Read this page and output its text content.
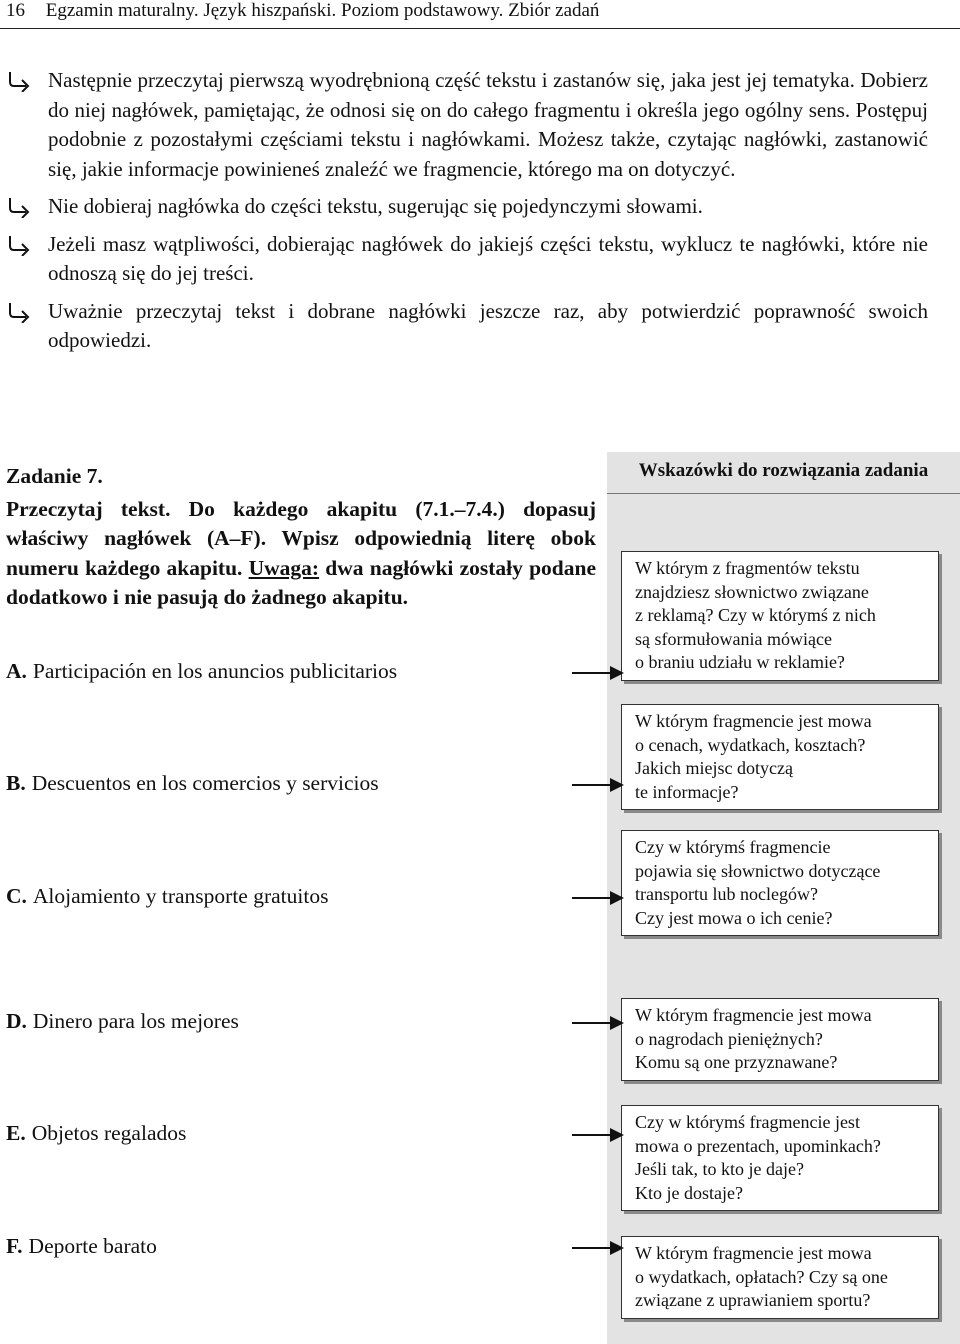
16 Egzamin maturalny. Język hiszpański. Poziom podstawowy. Zbiór zadań
Następnie przeczytaj pierwszą wyodrębnioną część tekstu i zastanów się, jaka jest jej tematyka. Dobierz do niej nagłówek, pamiętając, że odnosi się on do całego fragmentu i określa jego ogólny sens. Postępuj podobnie z pozostałymi częściami tekstu i nagłówkami. Możesz także, czytając nagłówki, zastanowić się, jakie informacje powinieneś znaleźć we fragmencie, którego ma on dotyczyć.
Nie dobieraj nagłówka do części tekstu, sugerując się pojedynczymi słowami.
Jeżeli masz wątpliwości, dobierając nagłówek do jakiejś części tekstu, wyklucz te nagłówki, które nie odnoszą się do jej treści.
Uważnie przeczytaj tekst i dobrane nagłówki jeszcze raz, aby potwierdzić poprawność swoich odpowiedzi.
Zadanie 7.
Przeczytaj tekst. Do każdego akapitu (7.1.–7.4.) dopasuj właściwy nagłówek (A–F). Wpisz odpowiednią literę obok numeru każdego akapitu. Uwaga: dwa nagłówki zostały podane dodatkowo i nie pasują do żadnego akapitu.
A. Participación en los anuncios publicitarios
B. Descuentos en los comercios y servicios
C. Alojamiento y transporte gratuitos
D. Dinero para los mejores
E. Objetos regalados
F. Deporte barato
Wskazówki do rozwiązania zadania
W którym z fragmentów tekstu
znajdziesz słownictwo związane
z reklamą? Czy w którymś z nich
są sformułowania mówiące
o braniu udziału w reklamie?
W którym fragmencie jest mowa
o cenach, wydatkach, kosztach?
Jakich miejsc dotyczą
te informacje?
Czy w którymś fragmencie
pojawia się słownictwo dotyczące
transportu lub noclegów?
Czy jest mowa o ich cenie?
W którym fragmencie jest mowa
o nagrodach pieniężnych?
Komu są one przyznawane?
Czy w którymś fragmencie jest
mowa o prezentach, upominkach?
Jeśli tak, to kto je daje?
Kto je dostaje?
W którym fragmencie jest mowa
o wydatkach, opłatach? Czy są one
związane z uprawianiem sportu?
